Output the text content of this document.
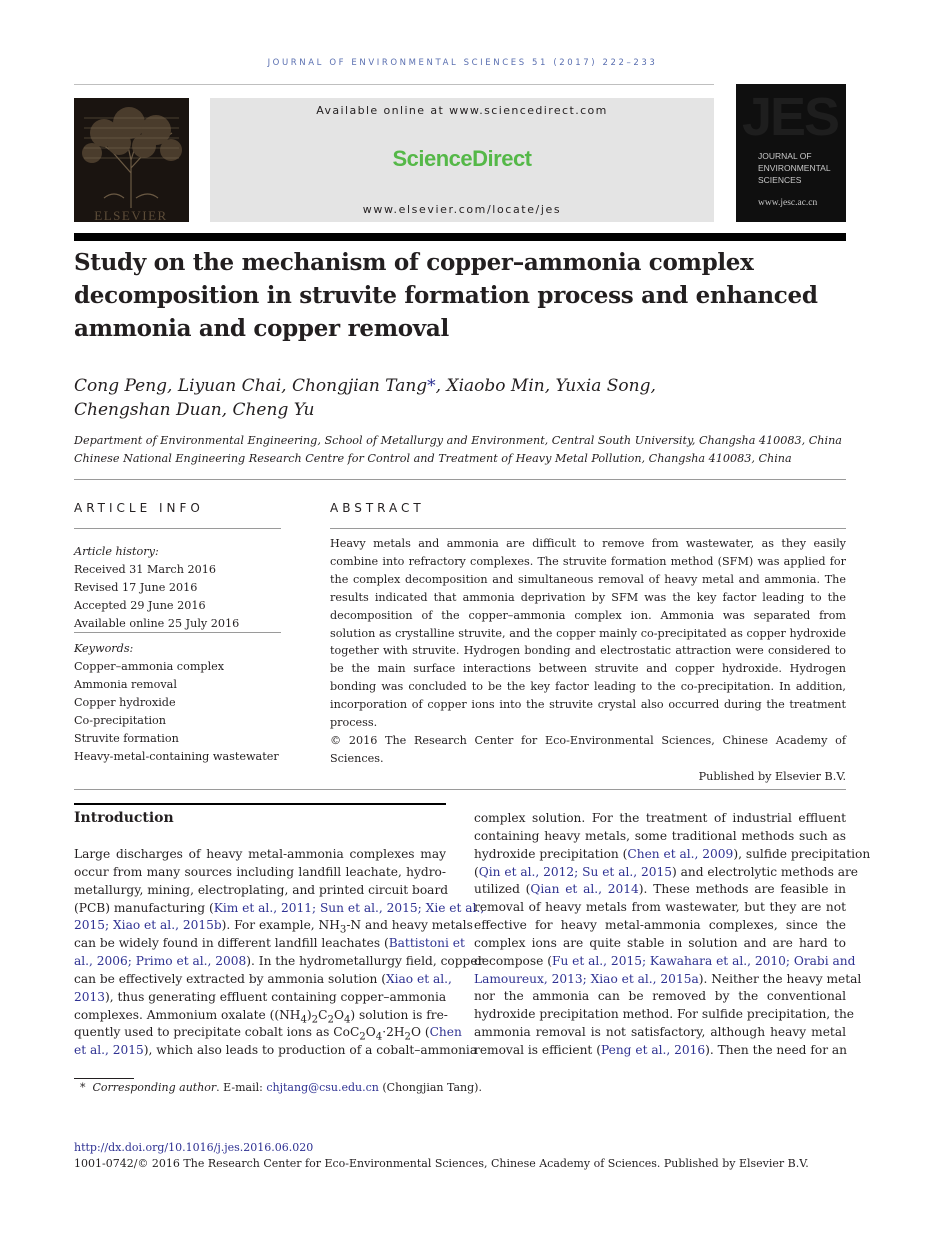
JOURNAL OF ENVIRONMENTAL SCIENCES 51 (2017) 222–233
ELSEVIER
Available online at www.sciencedirect.com
ScienceDirect
www.elsevier.com/locate/jes
JES
JOURNAL OF
ENVIRONMENTAL
SCIENCES
www.jesc.ac.cn
Study on the mechanism of copper–ammonia complex decomposition in struvite formation process and enhanced ammonia and copper removal
Cong Peng, Liyuan Chai, Chongjian Tang*, Xiaobo Min, Yuxia Song,
Chengshan Duan, Cheng Yu
Department of Environmental Engineering, School of Metallurgy and Environment, Central South University, Changsha 410083, China
Chinese National Engineering Research Centre for Control and Treatment of Heavy Metal Pollution, Changsha 410083, China
ARTICLE INFO	ABSTRACT
Article history:
Received 31 March 2016
Revised 17 June 2016
Accepted 29 June 2016
Available online 25 July 2016
Keywords:
Copper–ammonia complex
Ammonia removal
Copper hydroxide
Co-precipitation
Struvite formation
Heavy-metal-containing wastewater

Heavy metals and ammonia are difficult to remove from wastewater, as they easily combine into refractory complexes. The struvite formation method (SFM) was applied for the complex decomposition and simultaneous removal of heavy metal and ammonia. The results indicated that ammonia deprivation by SFM was the key factor leading to the decomposition of the copper–ammonia complex ion. Ammonia was separated from solution as crystalline struvite, and the copper mainly co-precipitated as copper hydroxide together with struvite. Hydrogen bonding and electrostatic attraction were considered to be the main surface interactions between struvite and copper hydroxide. Hydrogen bonding was concluded to be the key factor leading to the co-precipitation. In addition, incorporation of copper ions into the struvite crystal also occurred during the treatment process.

© 2016 The Research Center for Eco-Environmental Sciences, Chinese Academy of Sciences.

Published by Elsevier B.V.

Introduction
Large discharges of heavy metal-ammonia complexes may
occur from many sources including landfill leachate, hydro-
metallurgy, mining, electroplating, and printed circuit board
(PCB) manufacturing (Kim et al., 2011; Sun et al., 2015; Xie et al.,
2015; Xiao et al., 2015b). For example, $NH_3-N$ and heavy metals
can be widely found in different landfill leachates (Battistoni et
al., 2006; Primo et al., 2008). In the hydrometallurgy field, copper
can be effectively extracted by ammonia solution (Xiao et al.,
2013), thus generating effluent containing copper–ammonia
complexes. Ammonium oxalate $((NH_4)_2C_2O_4)$ solution is fre-
quently used to precipitate cobalt ions as $CoC_2O_4\cdot 2H_2O$ (Chen
et al., 2015), which also leads to production of a cobalt–ammonia
complex solution. For the treatment of industrial effluent
containing heavy metals, some traditional methods such as
hydroxide precipitation (Chen et al., 2009), sulfide precipitation
(Qin et al., 2012; Su et al., 2015) and electrolytic methods are
utilized (Qian et al., 2014). These methods are feasible in
removal of heavy metals from wastewater, but they are not
effective for heavy metal-ammonia complexes, since the
complex ions are quite stable in solution and are hard to
decompose (Fu et al., 2015; Kawahara et al., 2010; Orabi and
Lamoureux, 2013; Xiao et al., 2015a). Neither the heavy metal
nor the ammonia can be removed by the conventional
hydroxide precipitation method. For sulfide precipitation, the
ammonia removal is not satisfactory, although heavy metal
removal is efficient (Peng et al., 2016). Then the need for an
* Corresponding author. E-mail: chjtang@csu.edu.cn (Chongjian Tang).
http://dx.doi.org/10.1016/j.jes.2016.06.020
1001-0742/© 2016 The Research Center for Eco-Environmental Sciences, Chinese Academy of Sciences. Published by Elsevier B.V.
